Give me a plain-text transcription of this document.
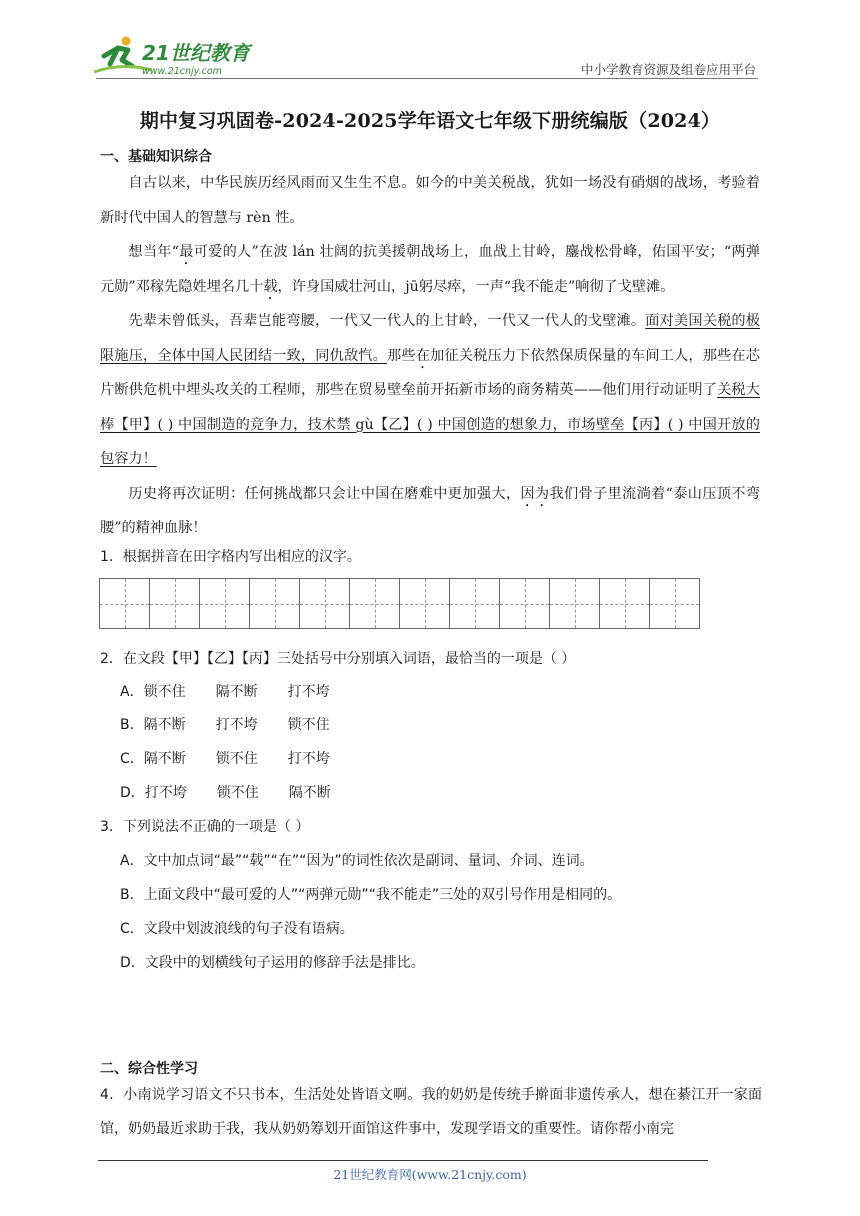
21世纪教育
www.21cnjy.com	中小学教育资源及组卷应用平台
期中复习巩固卷-2024-2025学年语文七年级下册统编版（2024）
一、基础知识综合

自古以来，中华民族历经风雨而又生生不息。如今的中美关税战，犹如一场没有硝烟的战场，考验着新时代中国人的智慧与 rèn 性。

想当年“最可爱的人”在波 lán 壮阔的抗美援朝战场上，血战上甘岭，鏖战松骨峰，佑国平安；“两弹元勋”邓稼先隐姓埋名几十载，许身国威壮河山，jū躬尽瘁，一声“我不能走”响彻了戈壁滩。

先辈未曾低头，吾辈岂能弯腰，一代又一代人的上甘岭，一代又一代人的戈壁滩。面对美国关税的极限施压，全体中国人民团结一致，同仇敌忾。那些在加征关税压力下依然保质保量的车间工人，那些在芯片断供危机中埋头攻关的工程师，那些在贸易壁垒前开拓新市场的商务精英——他们用行动证明了关税大棒【甲】( ) 中国制造的竞争力，技术禁 gù【乙】( ) 中国创造的想象力，市场壁垒【丙】( ) 中国开放的包容力！

历史将再次证明：任何挑战都只会让中国在磨难中更加强大，因为我们骨子里流淌着“泰山压顶不弯腰”的精神血脉！

1．根据拼音在田字格内写出相应的汉字。
2．在文段【甲】【乙】【丙】三处括号中分别填入词语，最恰当的一项是（ ）
A．锁不住 隔不断 打不垮
B．隔不断 打不垮 锁不住
C．隔不断 锁不住 打不垮
D．打不垮 锁不住 隔不断
3．下列说法不正确的一项是（ ）
A．文中加点词“最”“载”“在”“因为”的词性依次是副词、量词、介词、连词。
B．上面文段中“最可爱的人”“两弹元勋”“我不能走”三处的双引号作用是相同的。
C．文段中划波浪线的句子没有语病。
D．文段中的划横线句子运用的修辞手法是排比。
二、综合性学习

4．小南说学习语文不只书本，生活处处皆语文啊。我的奶奶是传统手擀面非遗传承人，想在綦江开一家面馆，奶奶最近求助于我，我从奶奶筹划开面馆这件事中，发现学语文的重要性。请你帮小南完

21世纪教育网(www.21cnjy.com)
